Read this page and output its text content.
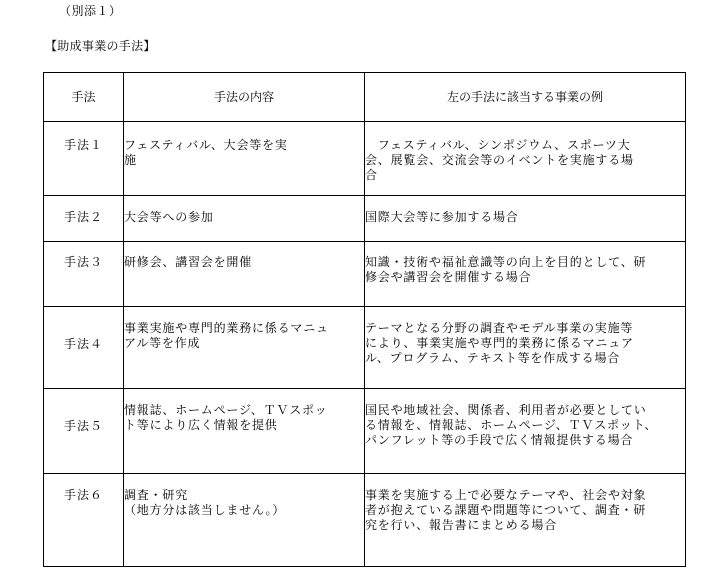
（別添１）
【助成事業の手法】
手法	手法の内容	左の手法に該当する事業の例

手法１	フェスティバル、大会等を実
施	　フェスティバル、シンポジウム、スポーツ大
会、展覧会、交流会等のイベントを実施する場
合

手法２	大会等への参加	国際大会等に参加する場合

手法３	研修会、講習会を開催	知識・技術や福祉意識等の向上を目的として、研
修会や講習会を開催する場合

手法４	事業実施や専門的業務に係るマニュ
アル等を作成	テーマとなる分野の調査やモデル事業の実施等
により、事業実施や専門的業務に係るマニュア
ル、プログラム、テキスト等を作成する場合

手法５	情報誌、ホームページ、ＴＶスポッ
ト等により広く情報を提供	国民や地域社会、関係者、利用者が必要としてい
る情報を、情報誌、ホームページ、ＴＶスポット、
パンフレット等の手段で広く情報提供する場合

手法６	調査・研究
（地方分は該当しません。）	事業を実施する上で必要なテーマや、社会や対象
者が抱えている課題や問題等について、調査・研
究を行い、報告書にまとめる場合
